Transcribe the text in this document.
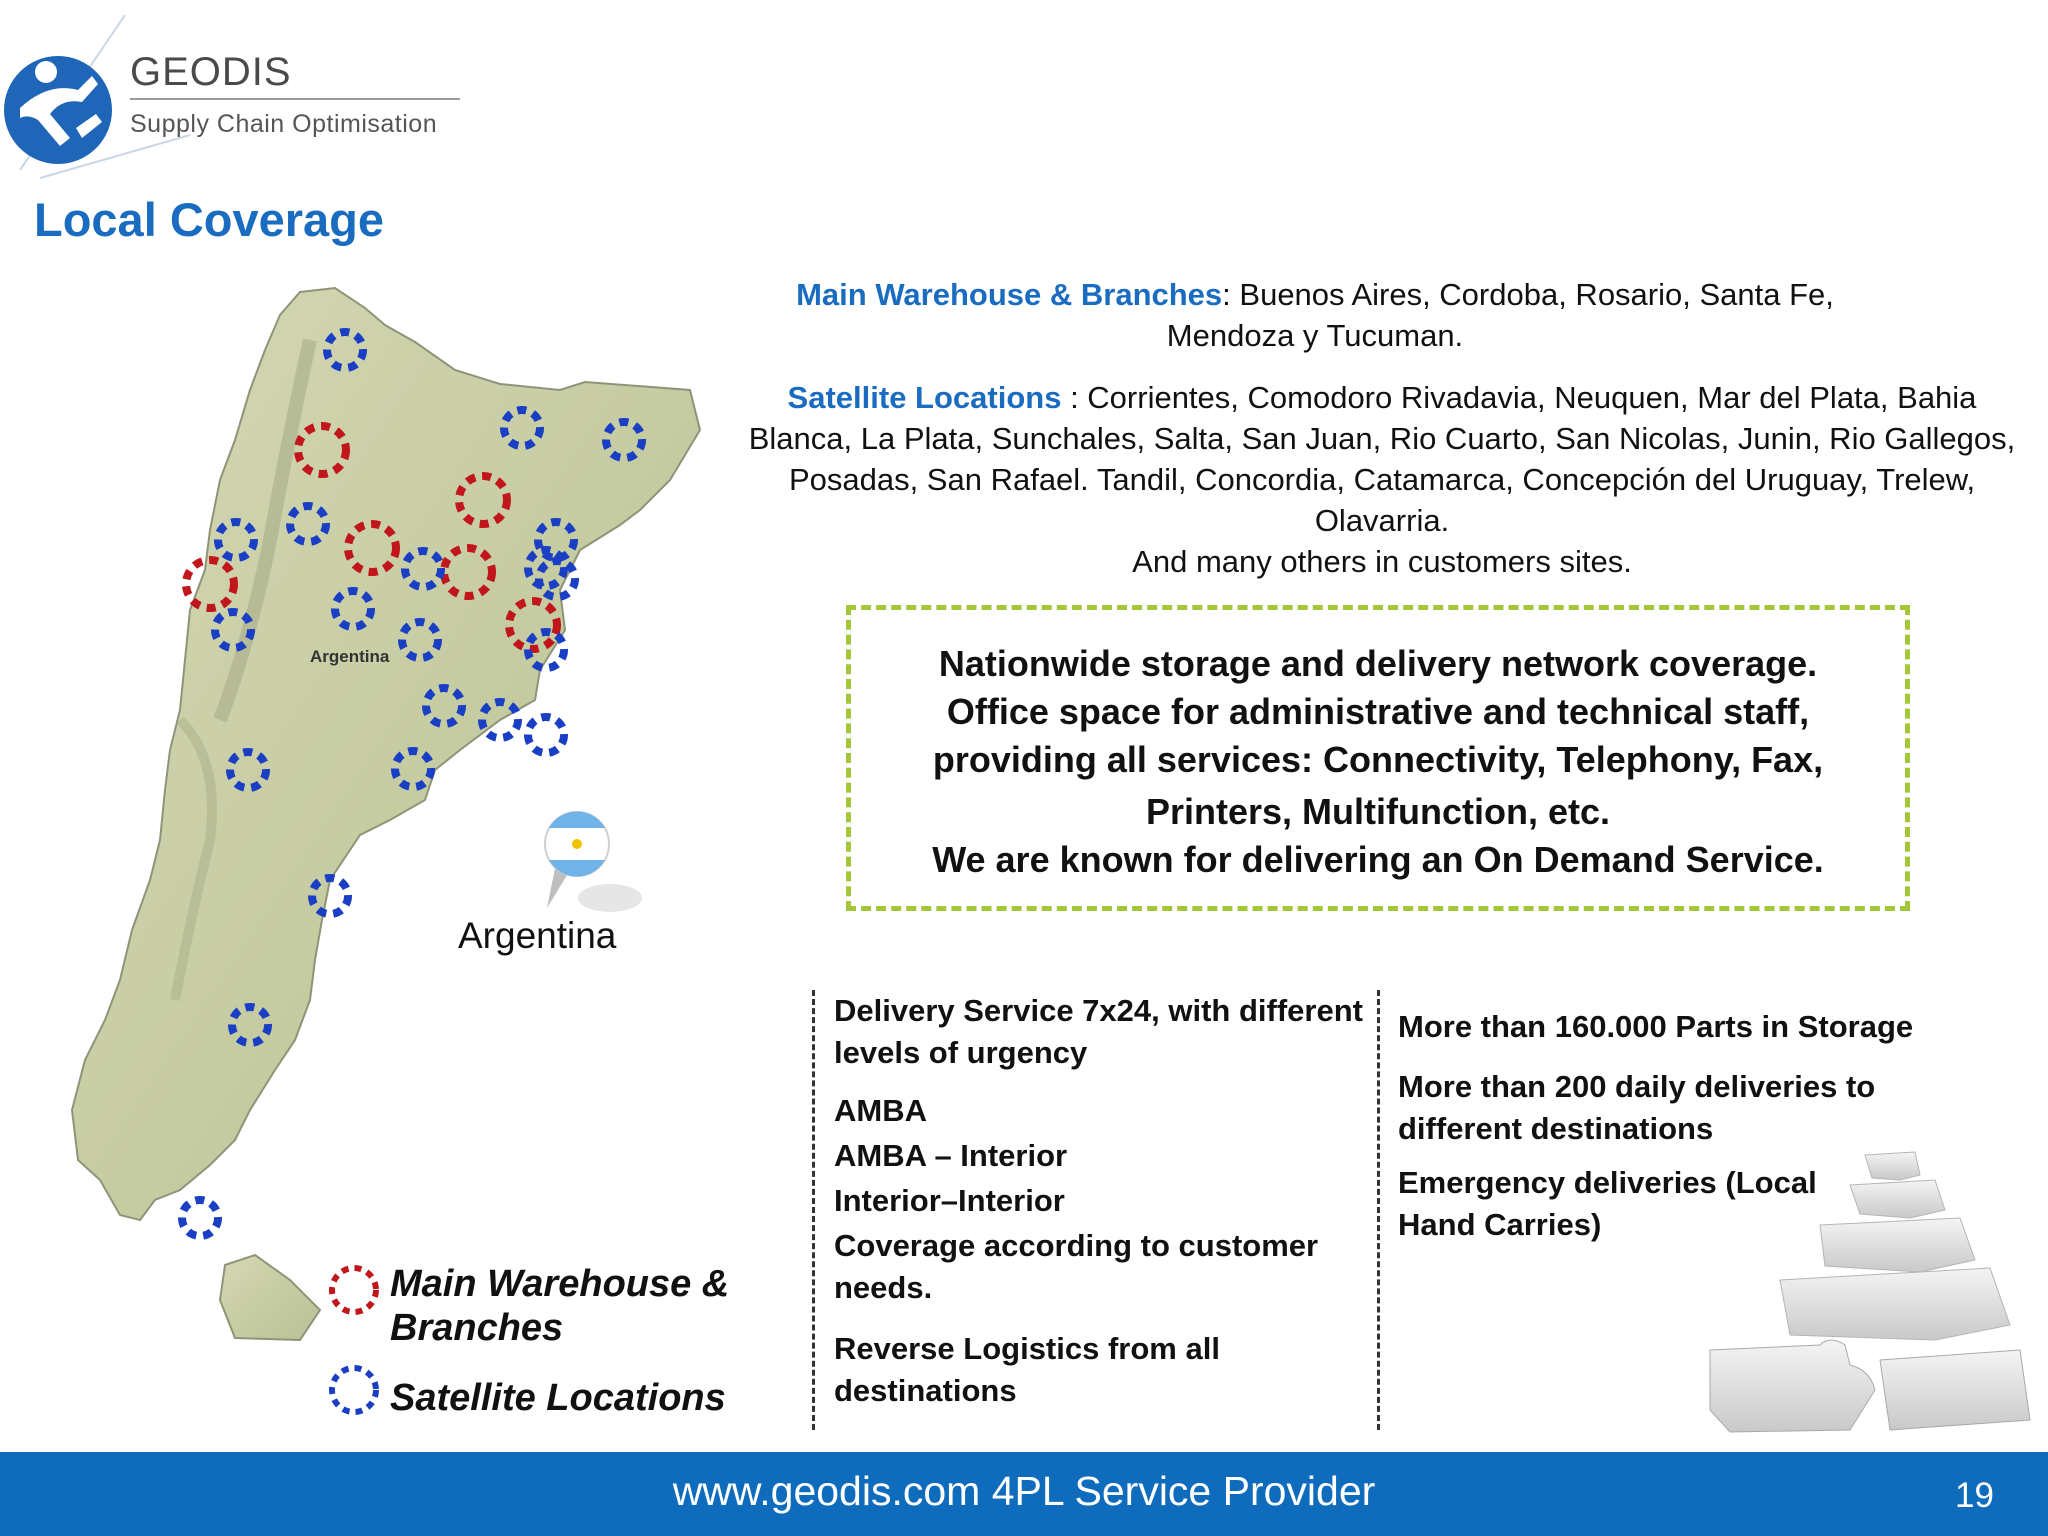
GEODIS
Supply Chain Optimisation
Local Coverage
Argentina
Argentina
Main Warehouse & Branches: Buenos Aires, Cordoba, Rosario, Santa Fe, Mendoza y Tucuman.
Satellite Locations : Corrientes, Comodoro Rivadavia, Neuquen, Mar del Plata, Bahia Blanca, La Plata, Sunchales, Salta, San Juan, Rio Cuarto, San Nicolas, Junin, Rio Gallegos, Posadas, San Rafael. Tandil, Concordia, Catamarca, Concepción del Uruguay, Trelew, Olavarria.
And many others in customers sites.
Nationwide storage and delivery network coverage.
Office space for administrative and technical staff, providing all services: Connectivity, Telephony, Fax,
Printers, Multifunction, etc.
We are known for delivering an On Demand Service.
Delivery Service 7x24, with different levels of urgency
AMBA
AMBA – Interior
Interior–Interior
Coverage according to customer needs.
Reverse Logistics from all destinations
More than 160.000 Parts in Storage
More than 200 daily deliveries to different destinations
Emergency deliveries (Local Hand Carries)
Main Warehouse & Branches
Satellite Locations
www.geodis.com 4PL Service Provider	19
